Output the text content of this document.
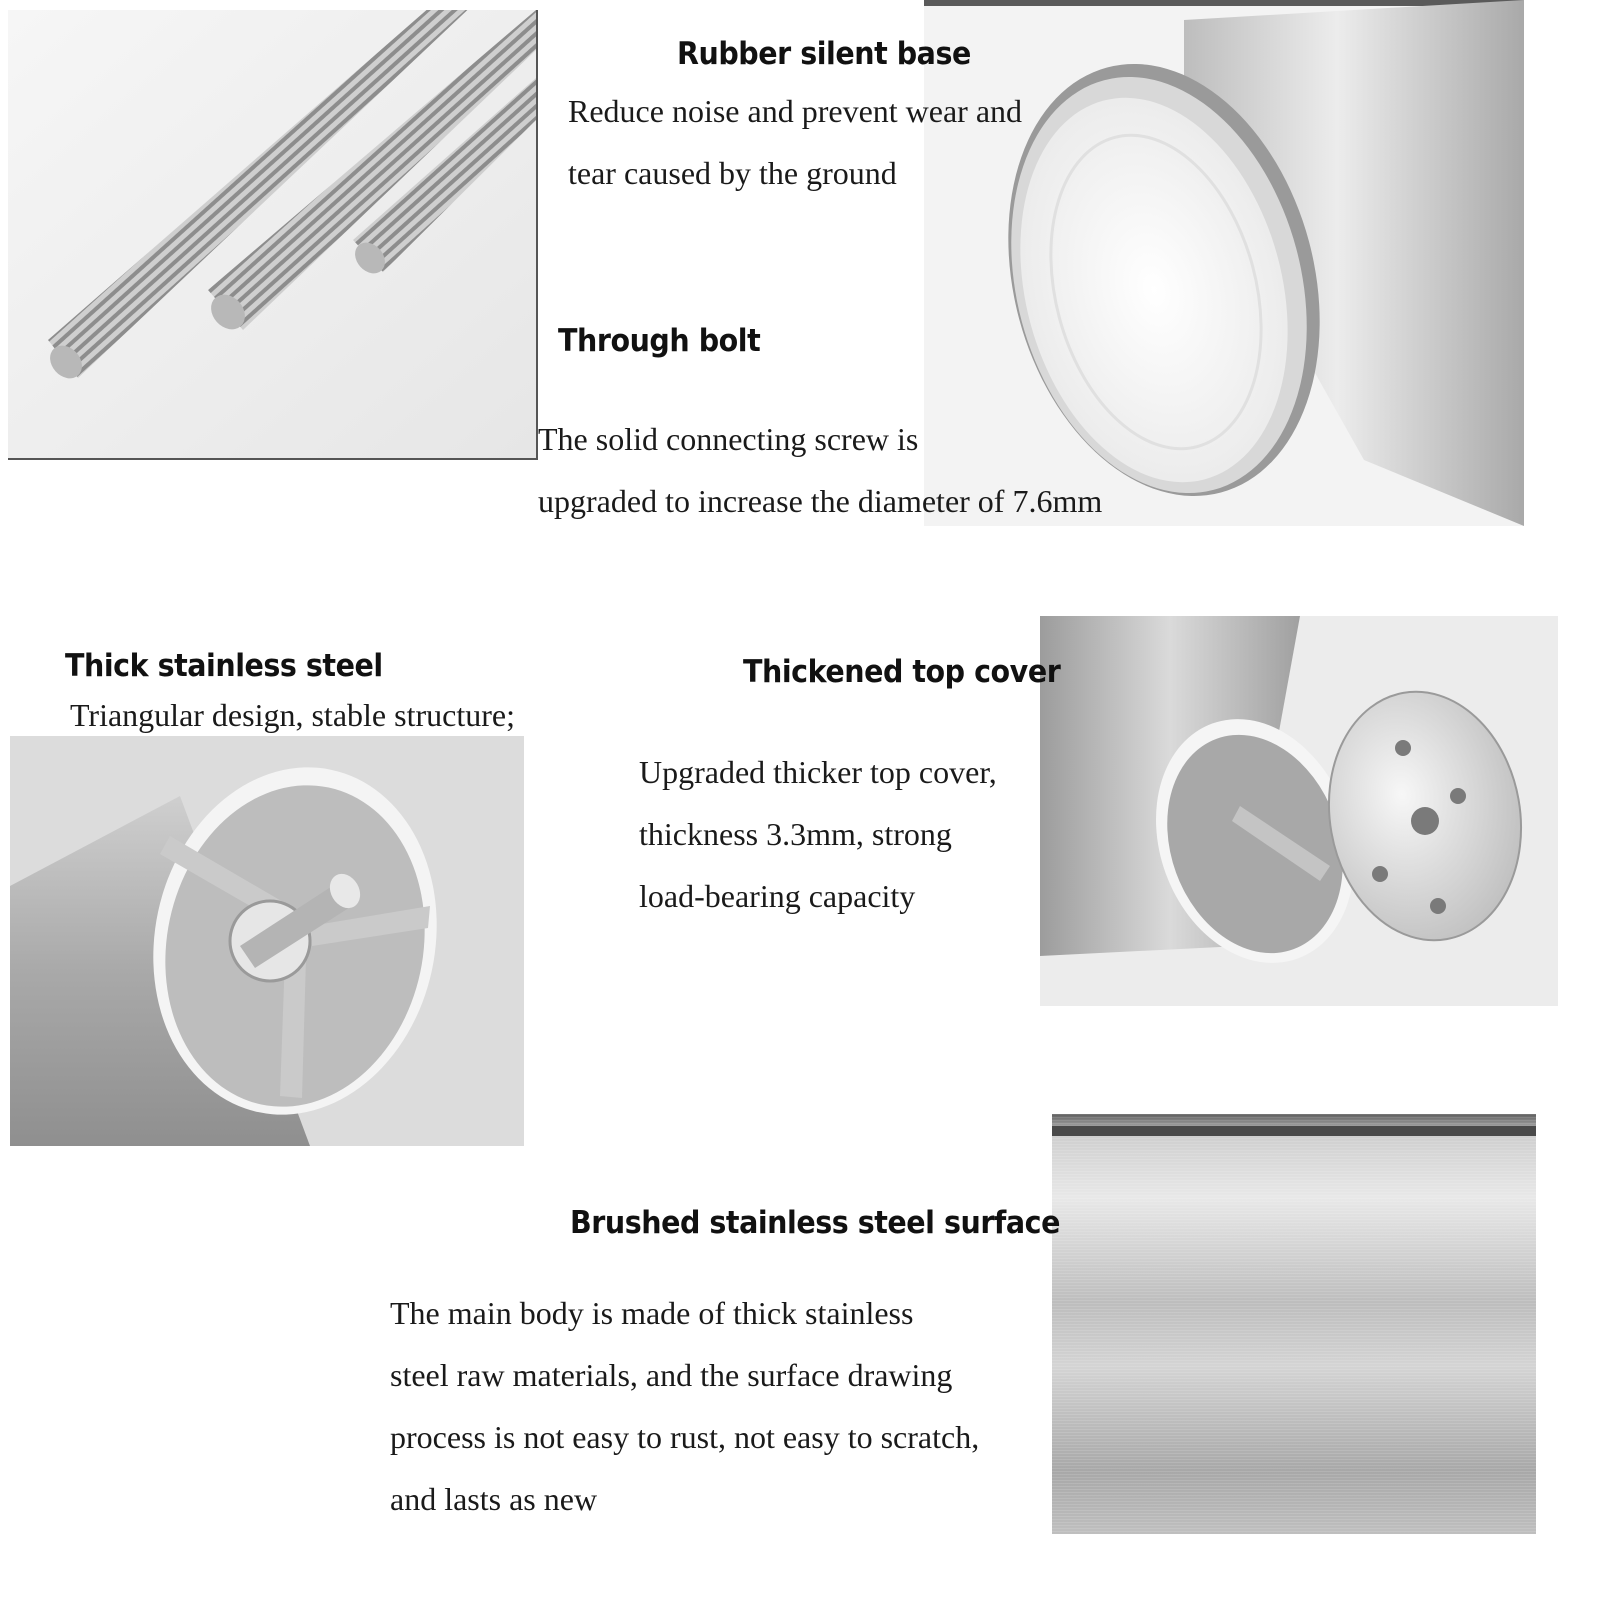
Rubber silent base
Reduce noise and prevent wear and
tear caused by the ground
Through bolt
The solid connecting screw is
upgraded to increase the diameter of 7.6mm
Thick stainless steel
Triangular design, stable structure;
Thickened top cover
Upgraded thicker top cover,
thickness 3.3mm, strong
load-bearing capacity
Brushed stainless steel surface
The main body is made of thick stainless
steel raw materials, and the surface drawing
process is not easy to rust, not easy to scratch,
and lasts as new
